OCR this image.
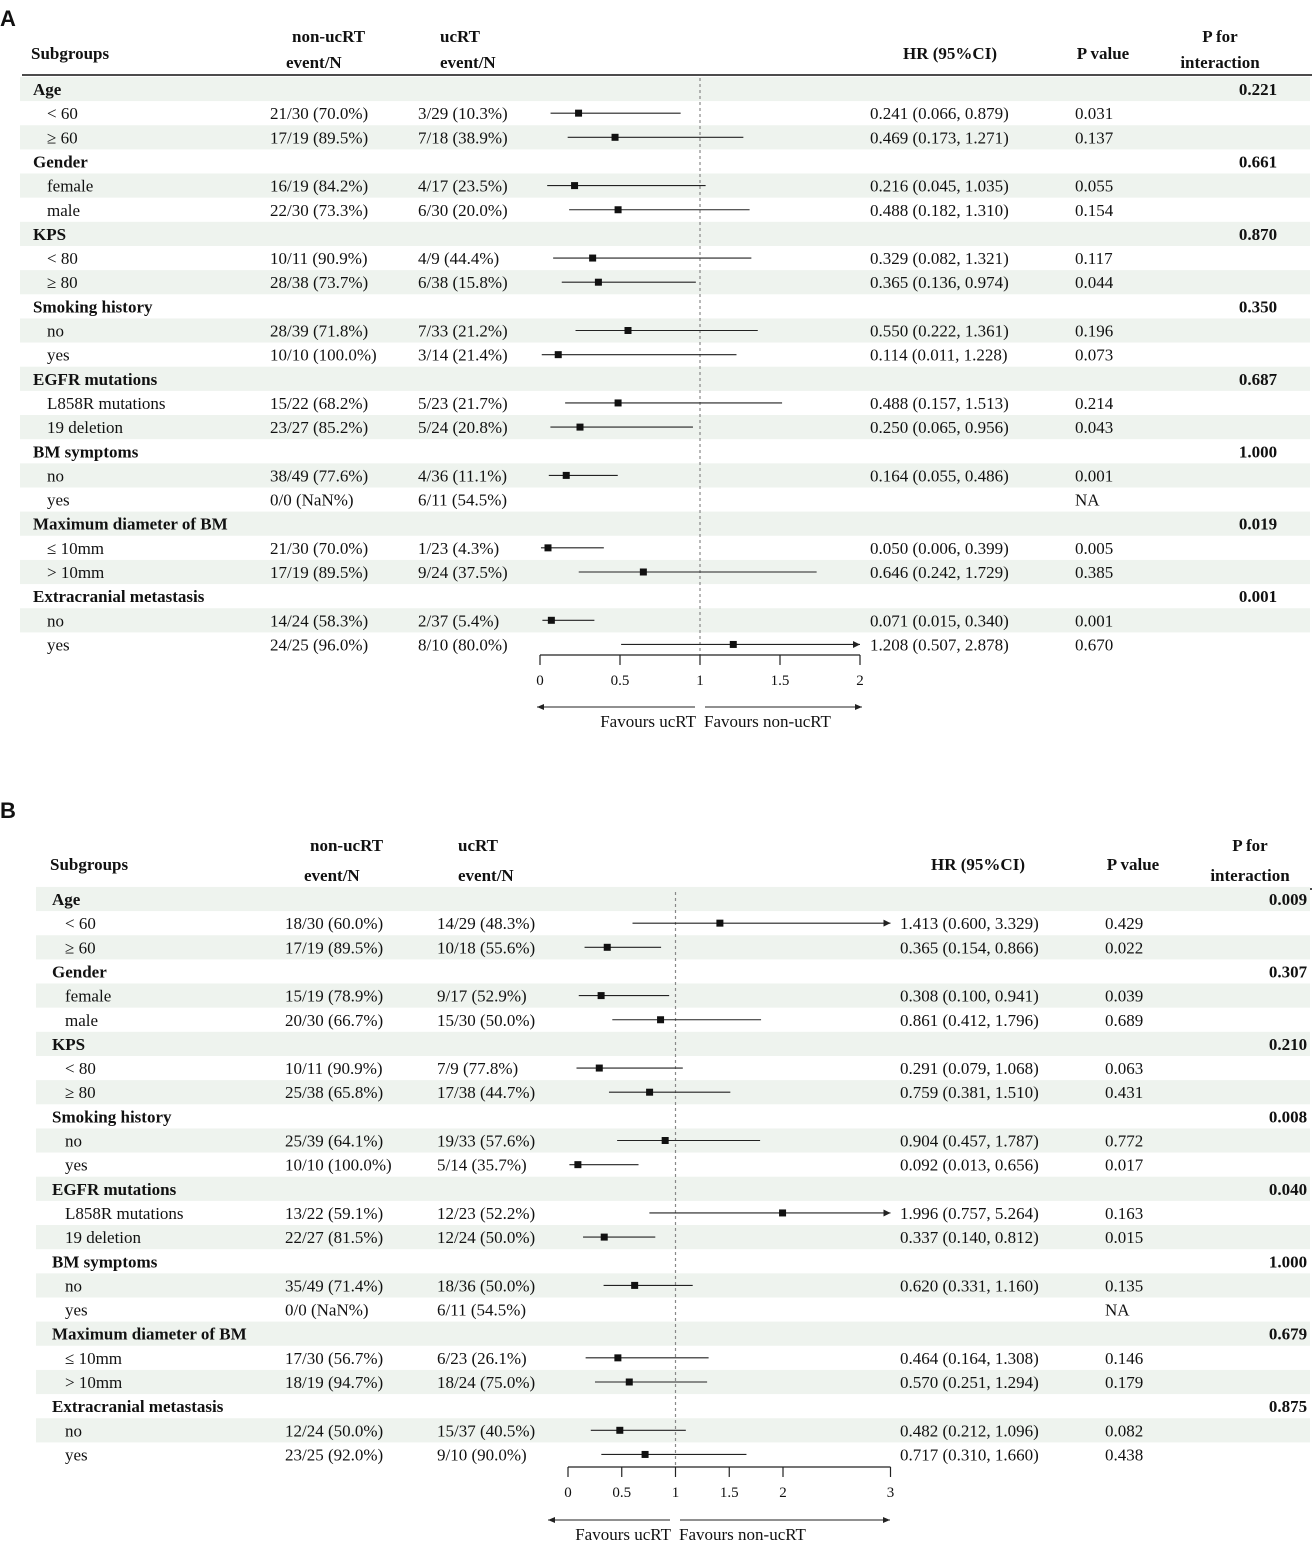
A
Subgroups
non-ucRT
event/N
ucRT
event/N	HR (95%CI)	P value
P for
interaction
Age	0.221
< 60	21/30 (70.0%)	3/29 (10.3%)	0.241 (0.066, 0.879)	0.031
≥ 60	17/19 (89.5%)	7/18 (38.9%)	0.469 (0.173, 1.271)	0.137
Gender	0.661
female	16/19 (84.2%)	4/17 (23.5%)	0.216 (0.045, 1.035)	0.055
male	22/30 (73.3%)	6/30 (20.0%)	0.488 (0.182, 1.310)	0.154
KPS	0.870
< 80	10/11 (90.9%)	4/9 (44.4%)	0.329 (0.082, 1.321)	0.117
≥ 80	28/38 (73.7%)	6/38 (15.8%)	0.365 (0.136, 0.974)	0.044
Smoking history	0.350
no	28/39 (71.8%)	7/33 (21.2%)	0.550 (0.222, 1.361)	0.196
yes	10/10 (100.0%) 3/14 (21.4%)	0.114 (0.011, 1.228)	0.073
EGFR mutations	0.687
L858R mutations	15/22 (68.2%)	5/23 (21.7%)	0.488 (0.157, 1.513)	0.214
19 deletion	23/27 (85.2%)	5/24 (20.8%)	0.250 (0.065, 0.956)	0.043
BM symptoms	1.000
no	38/49 (77.6%)	4/36 (11.1%)	0.164 (0.055, 0.486)	0.001
yes	0/0 (NaN%)	6/11 (54.5%)	NA
Maximum diameter of BM	0.019
≤ 10mm	21/30 (70.0%)	1/23 (4.3%)	0.050 (0.006, 0.399)	0.005
> 10mm	17/19 (89.5%)	9/24 (37.5%)	0.646 (0.242, 1.729)	0.385
Extracranial metastasis	0.001
no	14/24 (58.3%)	2/37 (5.4%)	0.071 (0.015, 0.340)	0.001
yes	24/25 (96.0%)	8/10 (80.0%)	1.208 (0.507, 2.878)	0.670
0	0.5	1	1.5	2
Favours ucRT Favours non-ucRT
B
Subgroups
non-ucRT
event/N
ucRT
event/N
HR (95%CI)	P value
P for
interaction
Age	0.009
< 60	18/30 (60.0%)	14/29 (48.3%)	1.413 (0.600, 3.329)	0.429
≥ 60	17/19 (89.5%)	10/18 (55.6%)	0.365 (0.154, 0.866)	0.022
Gender	0.307
female	15/19 (78.9%)	9/17 (52.9%)	0.308 (0.100, 0.941)	0.039
male	20/30 (66.7%)	15/30 (50.0%)	0.861 (0.412, 1.796)	0.689
KPS	0.210
< 80	10/11 (90.9%)	7/9 (77.8%)	0.291 (0.079, 1.068)	0.063
≥ 80	25/38 (65.8%)	17/38 (44.7%)	0.759 (0.381, 1.510)	0.431
Smoking history	0.008
no	25/39 (64.1%)	19/33 (57.6%)	0.904 (0.457, 1.787)	0.772
yes	10/10 (100.0%)	5/14 (35.7%)	0.092 (0.013, 0.656)	0.017
EGFR mutations	0.040
L858R mutations	13/22 (59.1%)	12/23 (52.2%)	1.996 (0.757, 5.264)	0.163
19 deletion	22/27 (81.5%)	12/24 (50.0%)	0.337 (0.140, 0.812)	0.015
BM symptoms	1.000
no	35/49 (71.4%)	18/36 (50.0%)	0.620 (0.331, 1.160)	0.135
yes	0/0 (NaN%)	6/11 (54.5%)	NA
Maximum diameter of BM	0.679
≤ 10mm	17/30 (56.7%)	6/23 (26.1%)	0.464 (0.164, 1.308)	0.146
> 10mm	18/19 (94.7%)	18/24 (75.0%)	0.570 (0.251, 1.294)	0.179
Extracranial metastasis	0.875
no	12/24 (50.0%)	15/37 (40.5%)	0.482 (0.212, 1.096)	0.082
yes	23/25 (92.0%)	9/10 (90.0%)	0.717 (0.310, 1.660)	0.438
0	0.5	1	1.5	2	3
Favours ucRT Favours non-ucRT
